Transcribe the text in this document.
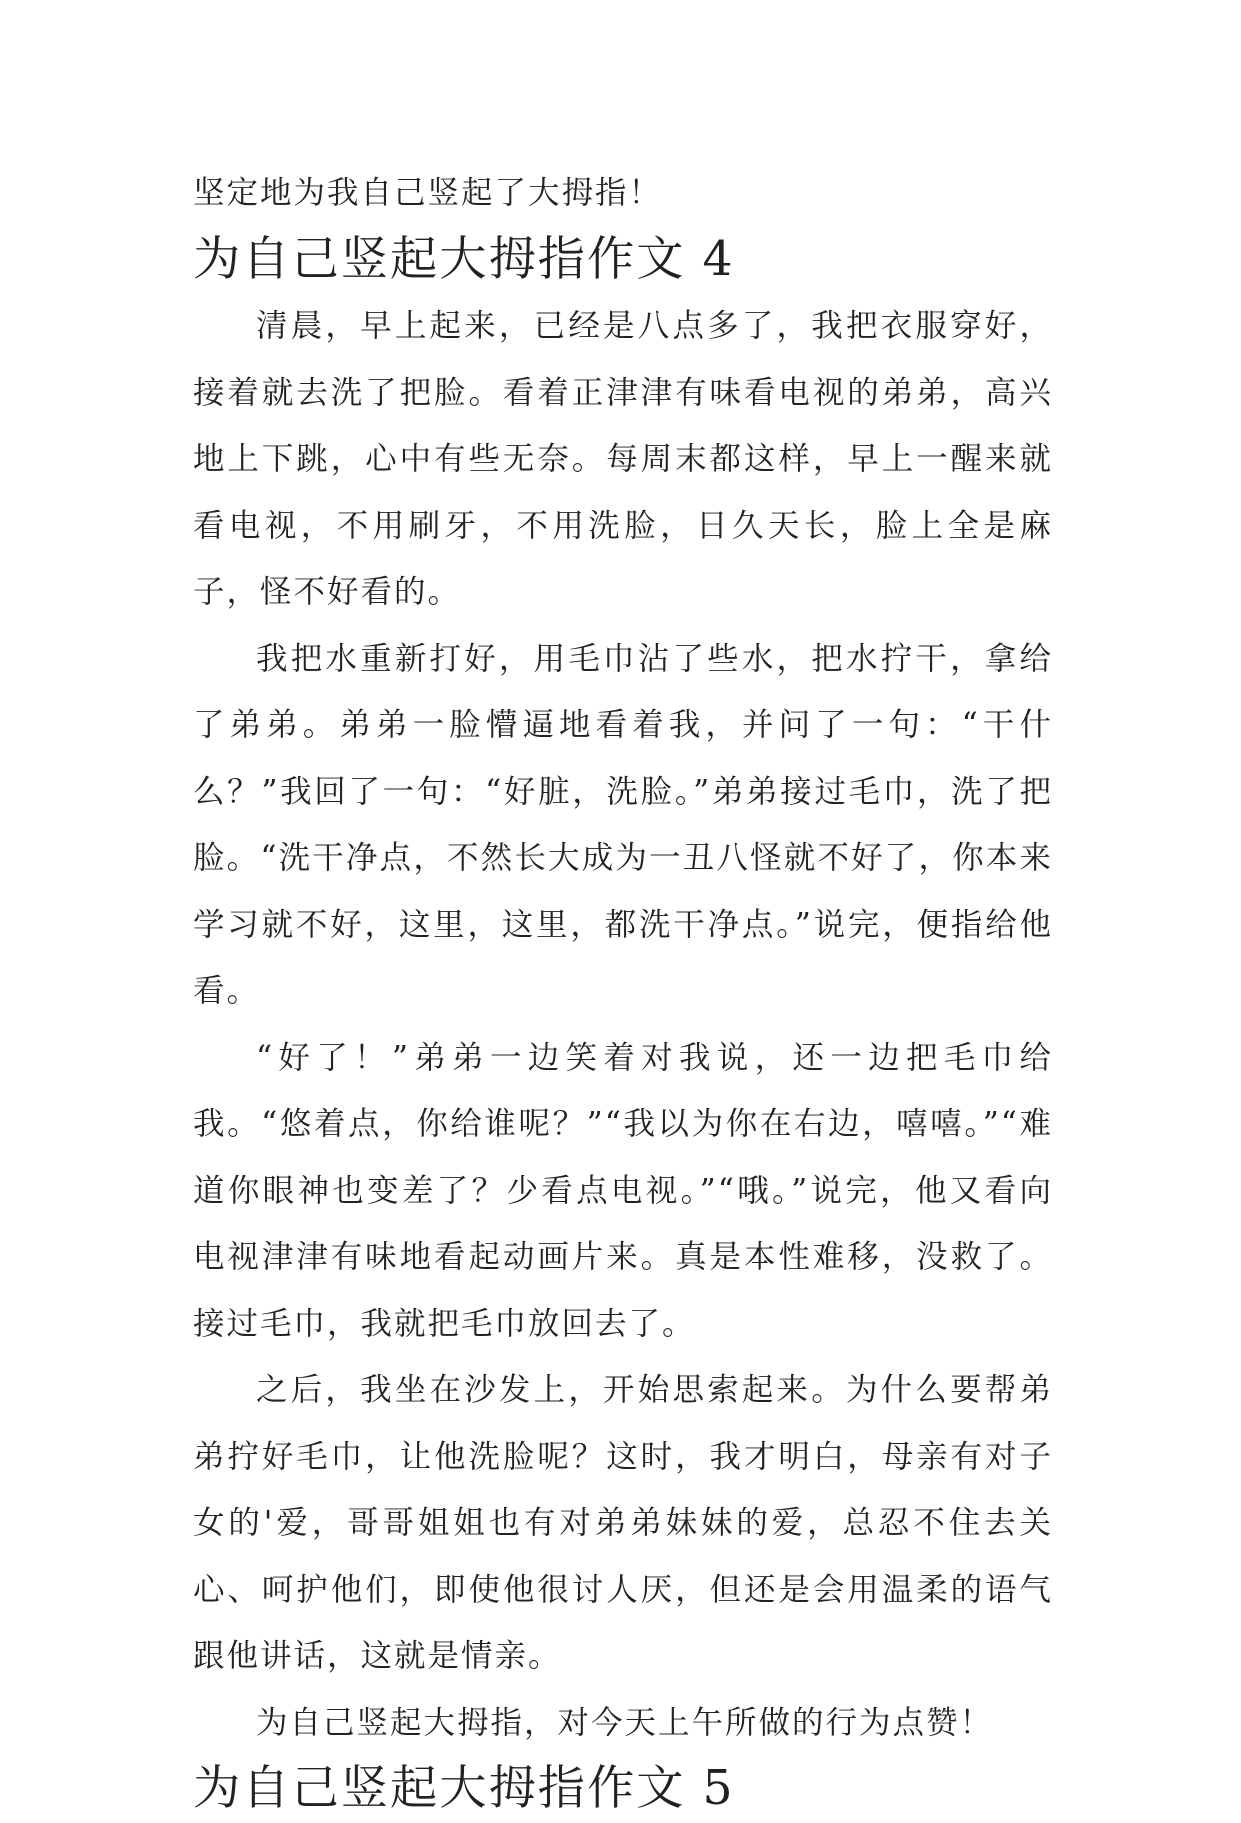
坚定地为我自己竖起了大拇指！

为自己竖起大拇指作文 4

清晨，早上起来，已经是八点多了，我把衣服穿好，接着就去洗了把脸。看着正津津有味看电视的弟弟，高兴地上下跳，心中有些无奈。每周末都这样，早上一醒来就看电视，不用刷牙，不用洗脸，日久天长，脸上全是麻子，怪不好看的。

我把水重新打好，用毛巾沾了些水，把水拧干，拿给了弟弟。弟弟一脸懵逼地看着我，并问了一句：“干什么？”我回了一句：“好脏，洗脸。”弟弟接过毛巾，洗了把脸。“洗干净点，不然长大成为一丑八怪就不好了，你本来学习就不好，这里，这里，都洗干净点。”说完，便指给他看。

“好了！”弟弟一边笑着对我说，还一边把毛巾给我。“悠着点，你给谁呢？”“我以为你在右边，嘻嘻。”“难道你眼神也变差了？少看点电视。”“哦。”说完，他又看向电视津津有味地看起动画片来。真是本性难移，没救了。接过毛巾，我就把毛巾放回去了。

之后，我坐在沙发上，开始思索起来。为什么要帮弟弟拧好毛巾，让他洗脸呢？这时，我才明白，母亲有对子女的'爱，哥哥姐姐也有对弟弟妹妹的爱，总忍不住去关心、呵护他们，即使他很讨人厌，但还是会用温柔的语气跟他讲话，这就是情亲。

为自己竖起大拇指，对今天上午所做的行为点赞！

为自己竖起大拇指作文 5
